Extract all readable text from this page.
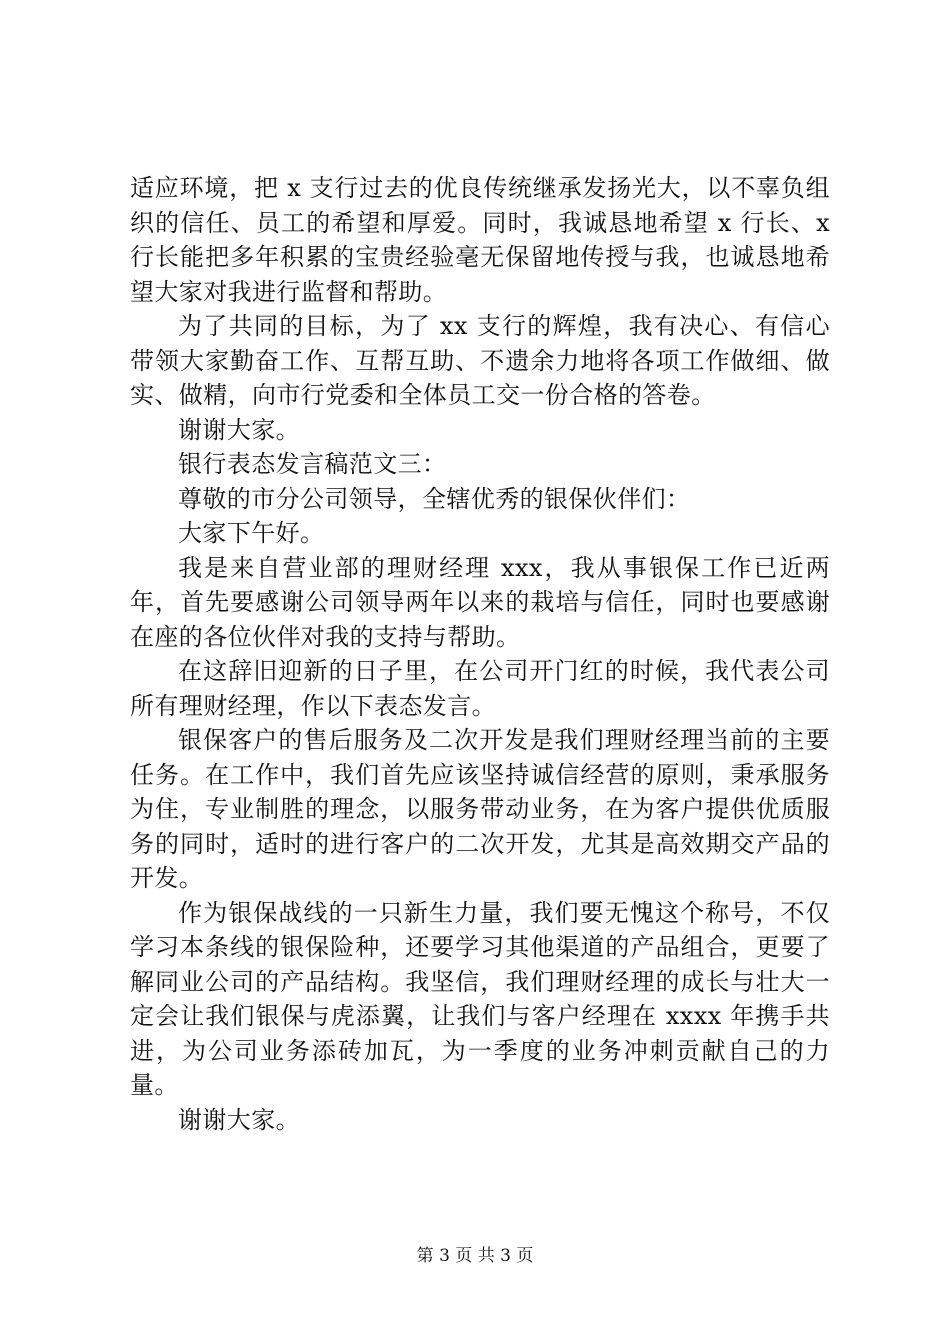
适应环境，把 x 支行过去的优良传统继承发扬光大，以不辜负组织的信任、员工的希望和厚爱。同时，我诚恳地希望 x 行长、x 行长能把多年积累的宝贵经验毫无保留地传授与我，也诚恳地希望大家对我进行监督和帮助。

为了共同的目标，为了 xx 支行的辉煌，我有决心、有信心带领大家勤奋工作、互帮互助、不遗余力地将各项工作做细、做实、做精，向市行党委和全体员工交一份合格的答卷。

谢谢大家。

银行表态发言稿范文三：

尊敬的市分公司领导，全辖优秀的银保伙伴们：

大家下午好。

我是来自营业部的理财经理 xxx，我从事银保工作已近两年，首先要感谢公司领导两年以来的栽培与信任，同时也要感谢在座的各位伙伴对我的支持与帮助。

在这辞旧迎新的日子里，在公司开门红的时候，我代表公司所有理财经理，作以下表态发言。

银保客户的售后服务及二次开发是我们理财经理当前的主要任务。在工作中，我们首先应该坚持诚信经营的原则，秉承服务为住，专业制胜的理念，以服务带动业务，在为客户提供优质服务的同时，适时的进行客户的二次开发，尤其是高效期交产品的开发。

作为银保战线的一只新生力量，我们要无愧这个称号，不仅学习本条线的银保险种，还要学习其他渠道的产品组合，更要了解同业公司的产品结构。我坚信，我们理财经理的成长与壮大一定会让我们银保与虎添翼，让我们与客户经理在 xxxx 年携手共进，为公司业务添砖加瓦，为一季度的业务冲刺贡献自己的力量。

谢谢大家。

第 3 页 共 3 页
